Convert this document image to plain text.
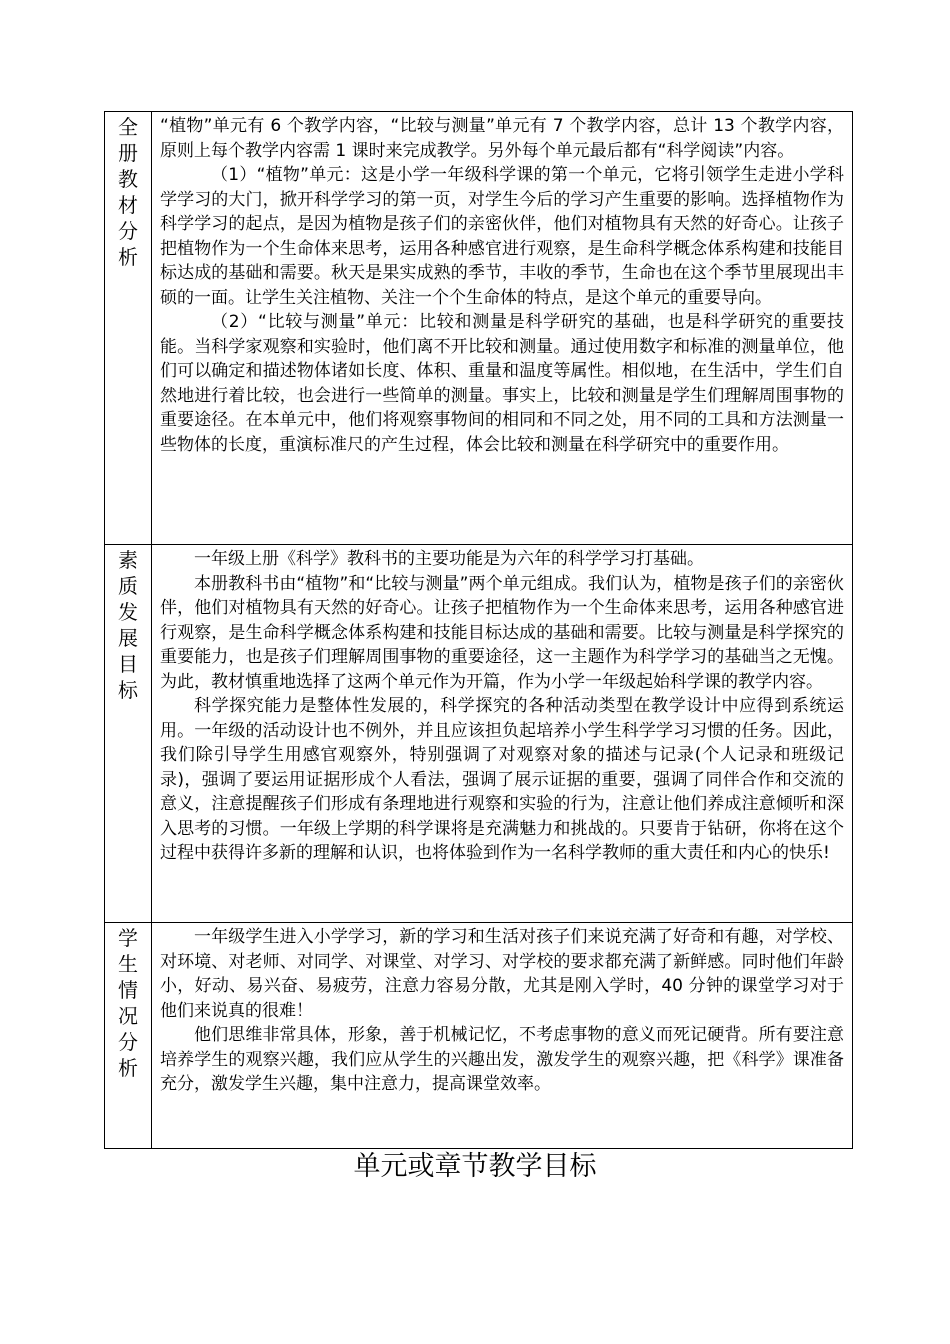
全册教材分析	“植物”单元有 6 个教学内容，“比较与测量”单元有 7 个教学内容，总计 13 个教学内容，原则上每个教学内容需 1 课时来完成教学。另外每个单元最后都有“科学阅读”内容。

（1）“植物”单元：这是小学一年级科学课的第一个单元，它将引领学生走进小学科学学习的大门，掀开科学学习的第一页，对学生今后的学习产生重要的影响。选择植物作为科学学习的起点，是因为植物是孩子们的亲密伙伴，他们对植物具有天然的好奇心。让孩子把植物作为一个生命体来思考，运用各种感官进行观察，是生命科学概念体系构建和技能目标达成的基础和需要。秋天是果实成熟的季节，丰收的季节，生命也在这个季节里展现出丰硕的一面。让学生关注植物、关注一个个生命体的特点，是这个单元的重要导向。

（2）“比较与测量”单元：比较和测量是科学研究的基础，也是科学研究的重要技能。当科学家观察和实验时，他们离不开比较和测量。通过使用数字和标准的测量单位，他们可以确定和描述物体诸如长度、体积、重量和温度等属性。相似地，在生活中，学生们自然地进行着比较，也会进行一些简单的测量。事实上，比较和测量是学生们理解周围事物的重要途径。在本单元中，他们将观察事物间的相同和不同之处，用不同的工具和方法测量一些物体的长度，重演标准尺的产生过程，体会比较和测量在科学研究中的重要作用。

素质发展目标	一年级上册《科学》教科书的主要功能是为六年的科学学习打基础。

本册教科书由“植物”和“比较与测量”两个单元组成。我们认为，植物是孩子们的亲密伙伴，他们对植物具有天然的好奇心。让孩子把植物作为一个生命体来思考，运用各种感官进行观察，是生命科学概念体系构建和技能目标达成的基础和需要。比较与测量是科学探究的重要能力，也是孩子们理解周围事物的重要途径，这一主题作为科学学习的基础当之无愧。为此，教材慎重地选择了这两个单元作为开篇，作为小学一年级起始科学课的教学内容。

科学探究能力是整体性发展的，科学探究的各种活动类型在教学设计中应得到系统运用。一年级的活动设计也不例外，并且应该担负起培养小学生科学学习习惯的任务。因此，我们除引导学生用感官观察外，特别强调了对观察对象的描述与记录(个人记录和班级记录)，强调了要运用证据形成个人看法，强调了展示证据的重要，强调了同伴合作和交流的意义，注意提醒孩子们形成有条理地进行观察和实验的行为，注意让他们养成注意倾听和深入思考的习惯。一年级上学期的科学课将是充满魅力和挑战的。只要肯于钻研，你将在这个过程中获得许多新的理解和认识，也将体验到作为一名科学教师的重大责任和内心的快乐!

学生情况分析	一年级学生进入小学学习，新的学习和生活对孩子们来说充满了好奇和有趣，对学校、对环境、对老师、对同学、对课堂、对学习、对学校的要求都充满了新鲜感。同时他们年龄小，好动、易兴奋、易疲劳，注意力容易分散，尤其是刚入学时，40 分钟的课堂学习对于他们来说真的很难！

他们思维非常具体，形象，善于机械记忆，不考虑事物的意义而死记硬背。所有要注意培养学生的观察兴趣，我们应从学生的兴趣出发，激发学生的观察兴趣，把《科学》课准备充分，激发学生兴趣，集中注意力，提高课堂效率。

单元或章节教学目标
